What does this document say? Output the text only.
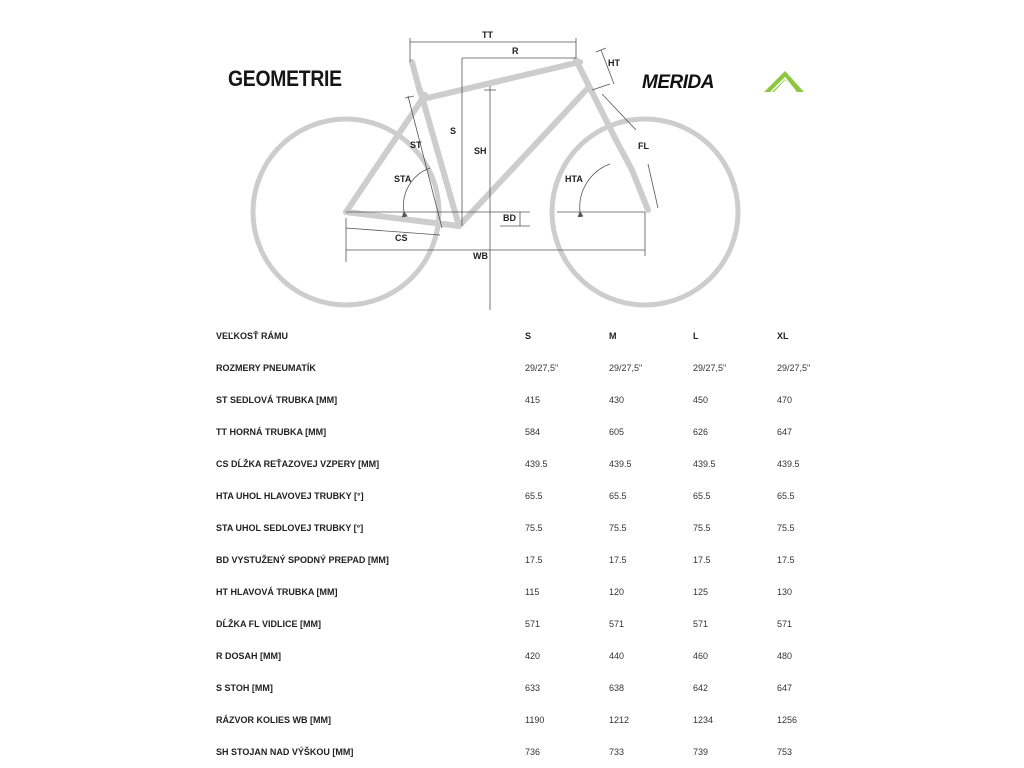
GEOMETRIE
TT
R
HT
S
ST
SH
STA
FL
HTA
BD
CS
WB
MERIDA
VEĽKOSŤ RÁMU	S	M	L	XL
ROZMERY PNEUMATÍK	29/27,5"	29/27,5"	29/27,5"	29/27,5"
ST SEDLOVÁ TRUBKA [MM]	415	430	450	470
TT HORNÁ TRUBKA [MM]	584	605	626	647
CS DĹŽKA REŤAZOVEJ VZPERY [MM]	439.5	439.5	439.5	439.5
HTA UHOL HLAVOVEJ TRUBKY [°]	65.5	65.5	65.5	65.5
STA UHOL SEDLOVEJ TRUBKY [°]	75.5	75.5	75.5	75.5
BD VYSTUŽENÝ SPODNÝ PREPAD [MM]	17.5	17.5	17.5	17.5
HT HLAVOVÁ TRUBKA [MM]	115	120	125	130
DĹŽKA FL VIDLICE [MM]	571	571	571	571
R DOSAH [MM]	420	440	460	480
S STOH [MM]	633	638	642	647
RÁZVOR KOLIES WB [MM]	1190	1212	1234	1256
SH STOJAN NAD VÝŠKOU [MM]	736	733	739	753
